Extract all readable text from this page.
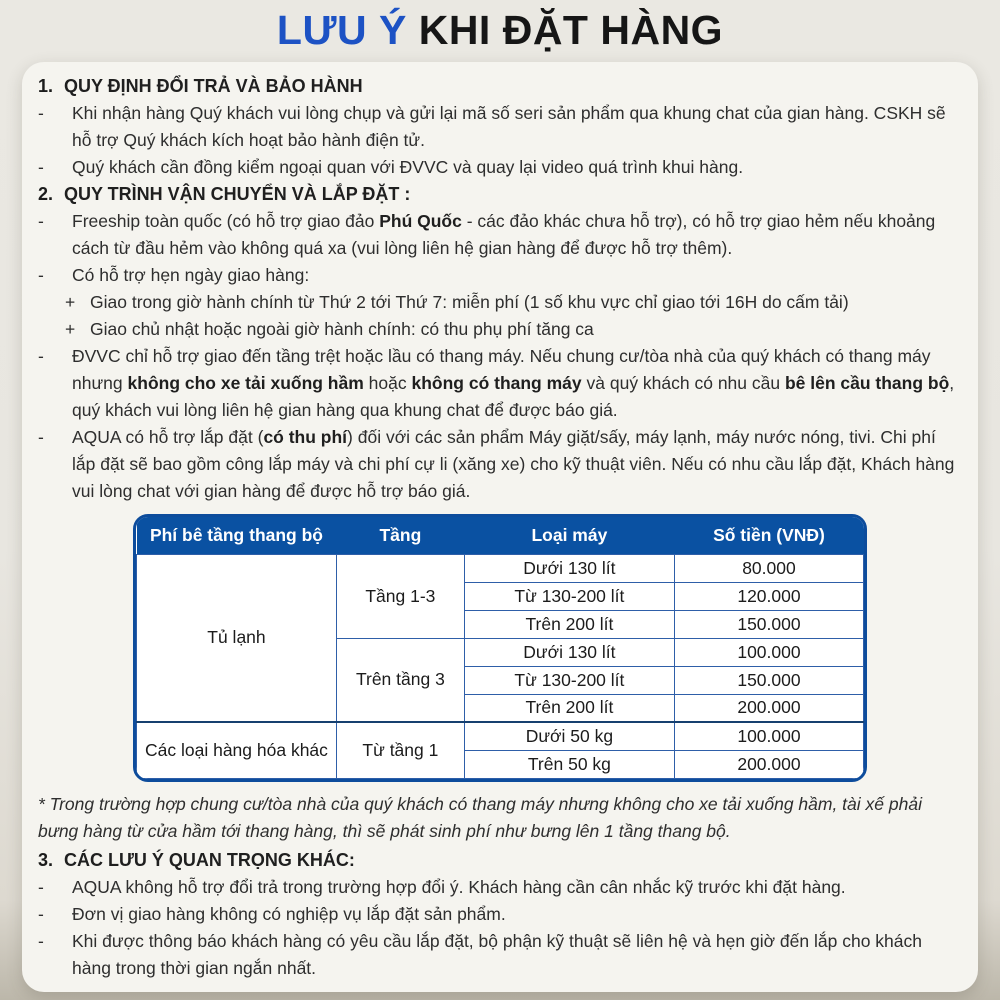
LƯU Ý KHI ĐẶT HÀNG
1. QUY ĐỊNH ĐỔI TRẢ VÀ BẢO HÀNH
-	Khi nhận hàng Quý khách vui lòng chụp và gửi lại mã số seri sản phẩm qua khung chat của gian hàng. CSKH sẽ hỗ trợ Quý khách kích hoạt bảo hành điện tử.
-	Quý khách cần đồng kiểm ngoại quan với ĐVVC và quay lại video quá trình khui hàng.
2. QUY TRÌNH VẬN CHUYỂN VÀ LẮP ĐẶT :
-	Freeship toàn quốc (có hỗ trợ giao đảo Phú Quốc - các đảo khác chưa hỗ trợ), có hỗ trợ giao hẻm nếu khoảng cách từ đầu hẻm vào không quá xa (vui lòng liên hệ gian hàng để được hỗ trợ thêm).
-	Có hỗ trợ hẹn ngày giao hàng:
+ Giao trong giờ hành chính từ Thứ 2 tới Thứ 7: miễn phí (1 số khu vực chỉ giao tới 16H do cấm tải)
+ Giao chủ nhật hoặc ngoài giờ hành chính: có thu phụ phí tăng ca
-	ĐVVC chỉ hỗ trợ giao đến tầng trệt hoặc lầu có thang máy. Nếu chung cư/tòa nhà của quý khách có thang máy nhưng không cho xe tải xuống hầm hoặc không có thang máy và quý khách có nhu cầu bê lên cầu thang bộ, quý khách vui lòng liên hệ gian hàng qua khung chat để được báo giá.
-	AQUA có hỗ trợ lắp đặt (có thu phí) đối với các sản phẩm Máy giặt/sấy, máy lạnh, máy nước nóng, tivi. Chi phí lắp đặt sẽ bao gồm công lắp máy và chi phí cự li (xăng xe) cho kỹ thuật viên. Nếu có nhu cầu lắp đặt, Khách hàng vui lòng chat với gian hàng để được hỗ trợ báo giá.
Phí bê tầng thang bộ	Tầng	Loại máy	Số tiền (VNĐ)
Tủ lạnh	Tầng 1-3	Dưới 130 lít	80.000
		Từ 130-200 lít	120.000
		Trên 200 lít	150.000
	Trên tầng 3	Dưới 130 lít	100.000
		Từ 130-200 lít	150.000
		Trên 200 lít	200.000
Các loại hàng hóa khác	Từ tầng 1	Dưới 50 kg	100.000
		Trên 50 kg	200.000
* Trong trường hợp chung cư/tòa nhà của quý khách có thang máy nhưng không cho xe tải xuống hầm, tài xế phải bưng hàng từ cửa hầm tới thang hàng, thì sẽ phát sinh phí như bưng lên 1 tầng thang bộ.
3. CÁC LƯU Ý QUAN TRỌNG KHÁC:
-	AQUA không hỗ trợ đổi trả trong trường hợp đổi ý. Khách hàng cần cân nhắc kỹ trước khi đặt hàng.
-	Đơn vị giao hàng không có nghiệp vụ lắp đặt sản phẩm.
-	Khi được thông báo khách hàng có yêu cầu lắp đặt, bộ phận kỹ thuật sẽ liên hệ và hẹn giờ đến lắp cho khách hàng trong thời gian ngắn nhất.
